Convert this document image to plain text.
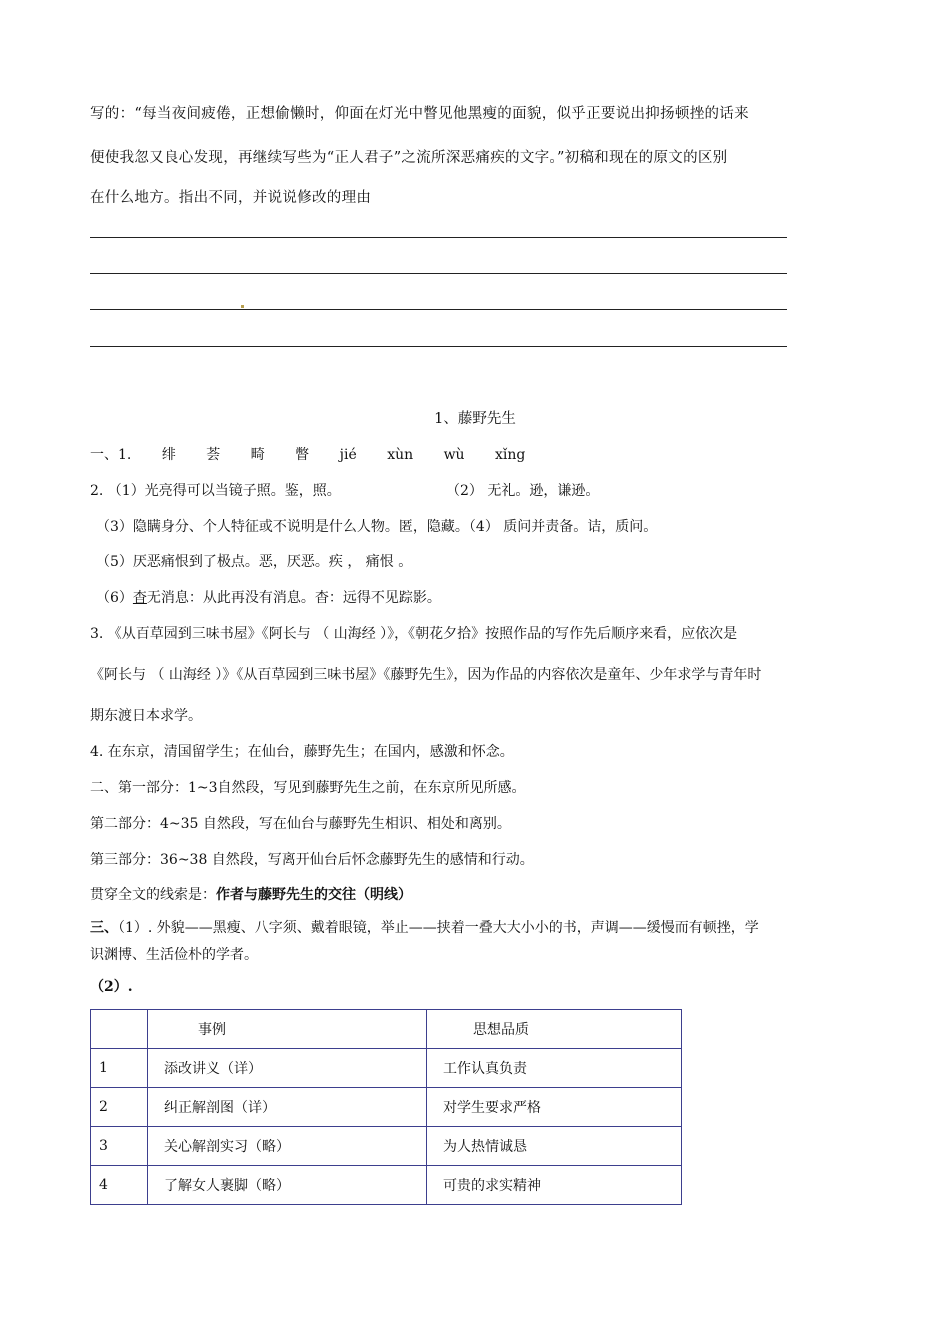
写的：“每当夜间疲倦，正想偷懒时，仰面在灯光中瞥见他黑瘦的面貌，似乎正要说出抑扬顿挫的话来
便使我忽又良心发现，再继续写些为“正人君子”之流所深恶痛疾的文字。”初稿和现在的原文的区别
在什么地方。指出不同，并说说修改的理由
1、藤野先生
一、1. 绯 荟 畸 瞥 jié xùn wù xǐng
2. （1）光亮得可以当镜子照。鉴，照。	（2） 无礼。逊，谦逊。
（3）隐瞒身分、个人特征或不说明是什么人物。匿，隐藏。（4） 质问并责备。诘，质问。
（5）厌恶痛恨到了极点。恶，厌恶。疾 ， 痛恨 。
（6）杳无消息：从此再没有消息。杳：远得不见踪影。
3. 《从百草园到三味书屋》《阿长与 （ 山海经 ）》，《朝花夕拾》按照作品的写作先后顺序来看，应依次是
《阿长与 （ 山海经 ）》《从百草园到三味书屋》《藤野先生》，因为作品的内容依次是童年、少年求学与青年时
期东渡日本求学。
4. 在东京，清国留学生；在仙台，藤野先生；在国内，感激和怀念。
二、第一部分：1~3自然段，写见到藤野先生之前，在东京所见所感。
第二部分：4~35 自然段，写在仙台与藤野先生相识、相处和离别。
第三部分：36~38 自然段，写离开仙台后怀念藤野先生的感情和行动。
贯穿全文的线索是：作者与藤野先生的交往（明线）
三、（1）. 外貌——黑瘦、八字须、戴着眼镜，举止——挟着一叠大大小小的书，声调——缓慢而有顿挫，学
识渊博、生活俭朴的学者。
（2）.
	事例	思想品质
1	添改讲义（详）	工作认真负责
2	纠正解剖图（详）	对学生要求严格
3	关心解剖实习（略）	为人热情诚恳
4	了解女人裹脚（略）	可贵的求实精神
